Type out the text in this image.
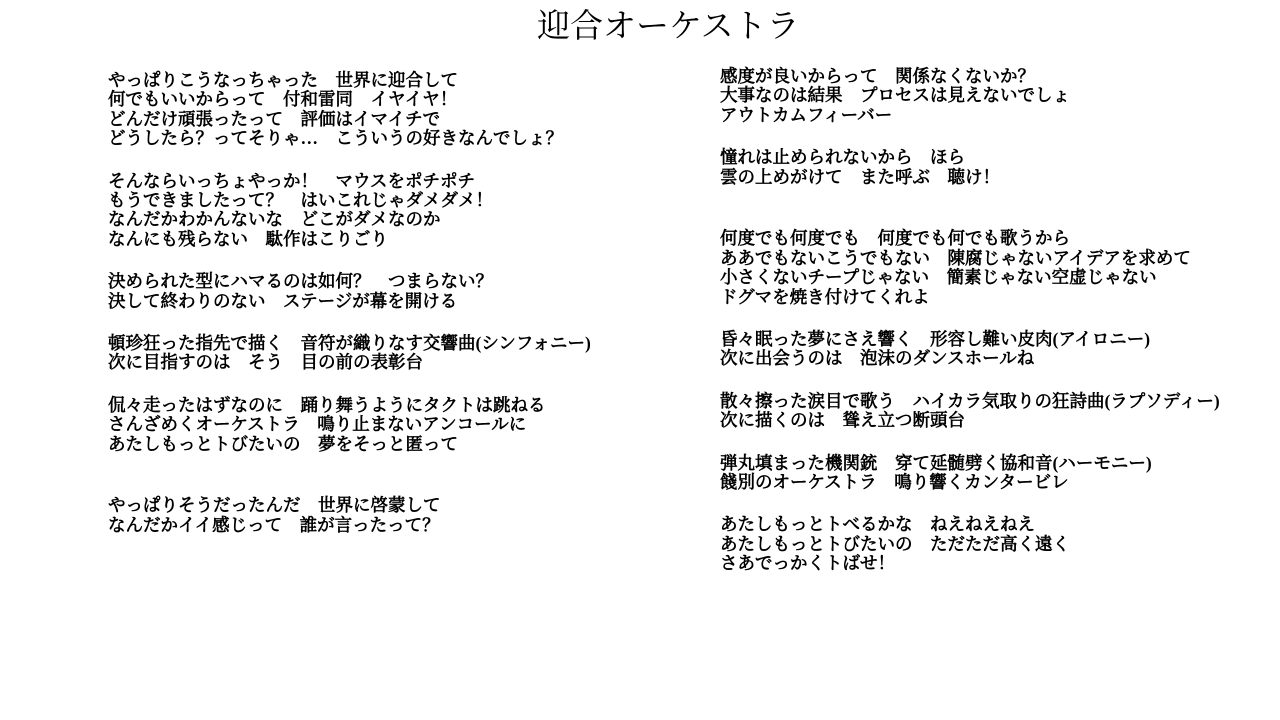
迎合オーケストラ

やっぱりこうなっちゃった　世界に迎合して

何でもいいからって　付和雷同　イヤイヤ！

どんだけ頑張ったって　評価はイマイチで

どうしたら？ってそりゃ…　こういうの好きなんでしょ？

そんならいっちょやっか！　マウスをポチポチ

もうできましたって？　はいこれじゃダメダメ！

なんだかわかんないな　どこがダメなのか

なんにも残らない　駄作はこりごり

決められた型にハマるのは如何？　つまらない？

決して終わりのない　ステージが幕を開ける

頓珍狂った指先で描く　音符が織りなす交響曲(シンフォニー)

次に目指すのは　そう　目の前の表彰台

侃々走ったはずなのに　踊り舞うようにタクトは跳ねる

さんざめくオーケストラ　鳴り止まないアンコールに

あたしもっとトびたいの　夢をそっと匿って

やっぱりそうだったんだ　世界に啓蒙して

なんだかイイ感じって　誰が言ったって？

感度が良いからって　関係なくないか？

大事なのは結果　プロセスは見えないでしょ

アウトカムフィーバー

憧れは止められないから　ほら

雲の上めがけて　また呼ぶ　聴け！

何度でも何度でも　何度でも何でも歌うから

ああでもないこうでもない　陳腐じゃないアイデアを求めて

小さくないチープじゃない　簡素じゃない空虚じゃない

ドグマを焼き付けてくれよ

昏々眠った夢にさえ響く　形容し難い皮肉(アイロニー)

次に出会うのは　泡沫のダンスホールね

散々擦った涙目で歌う　ハイカラ気取りの狂詩曲(ラプソディー)

次に描くのは　聳え立つ断頭台

弾丸填まった機関銃　穿て延髄劈く協和音(ハーモニー)

餞別のオーケストラ　鳴り響くカンタービレ

あたしもっとトべるかな　ねえねえねえ

あたしもっとトびたいの　ただただ高く遠く

さあでっかくトばせ！
